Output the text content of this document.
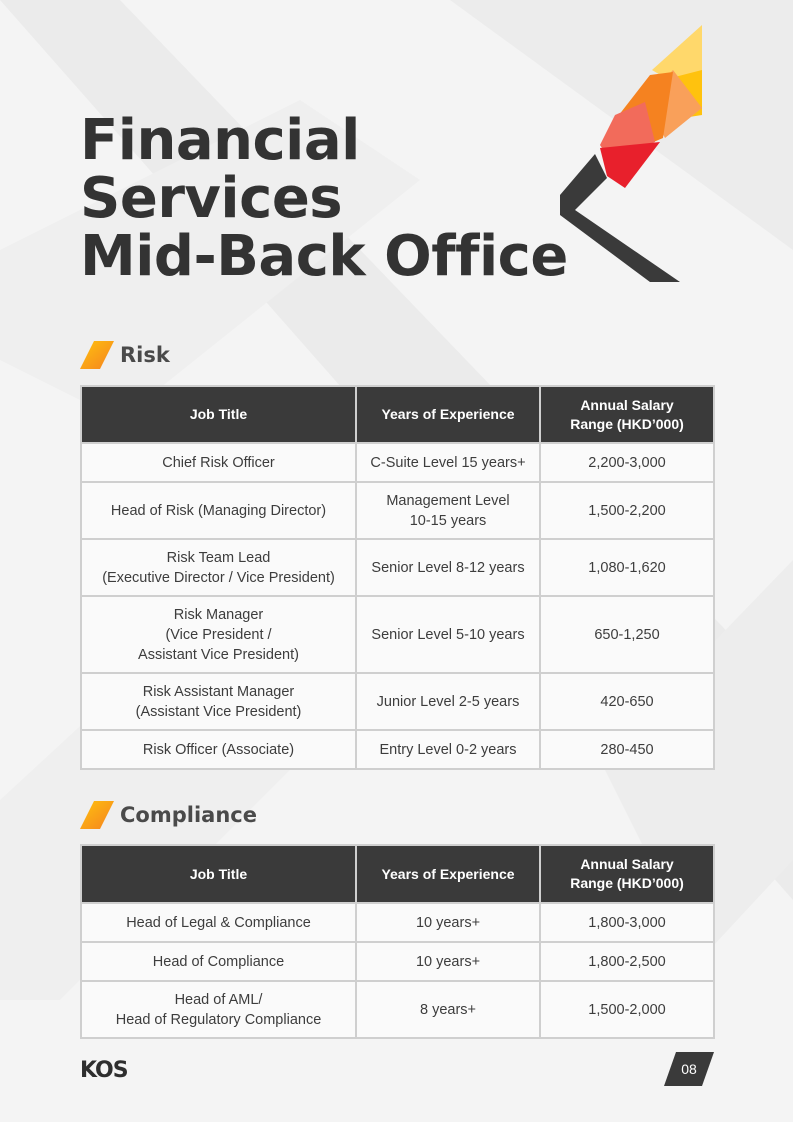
Financial
Services
Mid-Back Office
Risk
Job Title	Years of Experience	Annual Salary
Range (HKD’000)
Chief Risk Officer	C-Suite Level 15 years+	2,200-3,000
Head of Risk (Managing Director)	Management Level
10-15 years	1,500-2,200
Risk Team Lead
(Executive Director / Vice President)	Senior Level 8-12 years	1,080-1,620
Risk Manager
(Vice President /
Assistant Vice President)	Senior Level 5-10 years	650-1,250
Risk Assistant Manager
(Assistant Vice President)	Junior Level 2-5 years	420-650
Risk Officer (Associate)	Entry Level 0-2 years	280-450
Compliance
Job Title	Years of Experience	Annual Salary
Range (HKD’000)
Head of Legal & Compliance	10 years+	1,800-3,000
Head of Compliance	10 years+	1,800-2,500
Head of AML/
Head of Regulatory Compliance	8 years+	1,500-2,000
KOS	08
